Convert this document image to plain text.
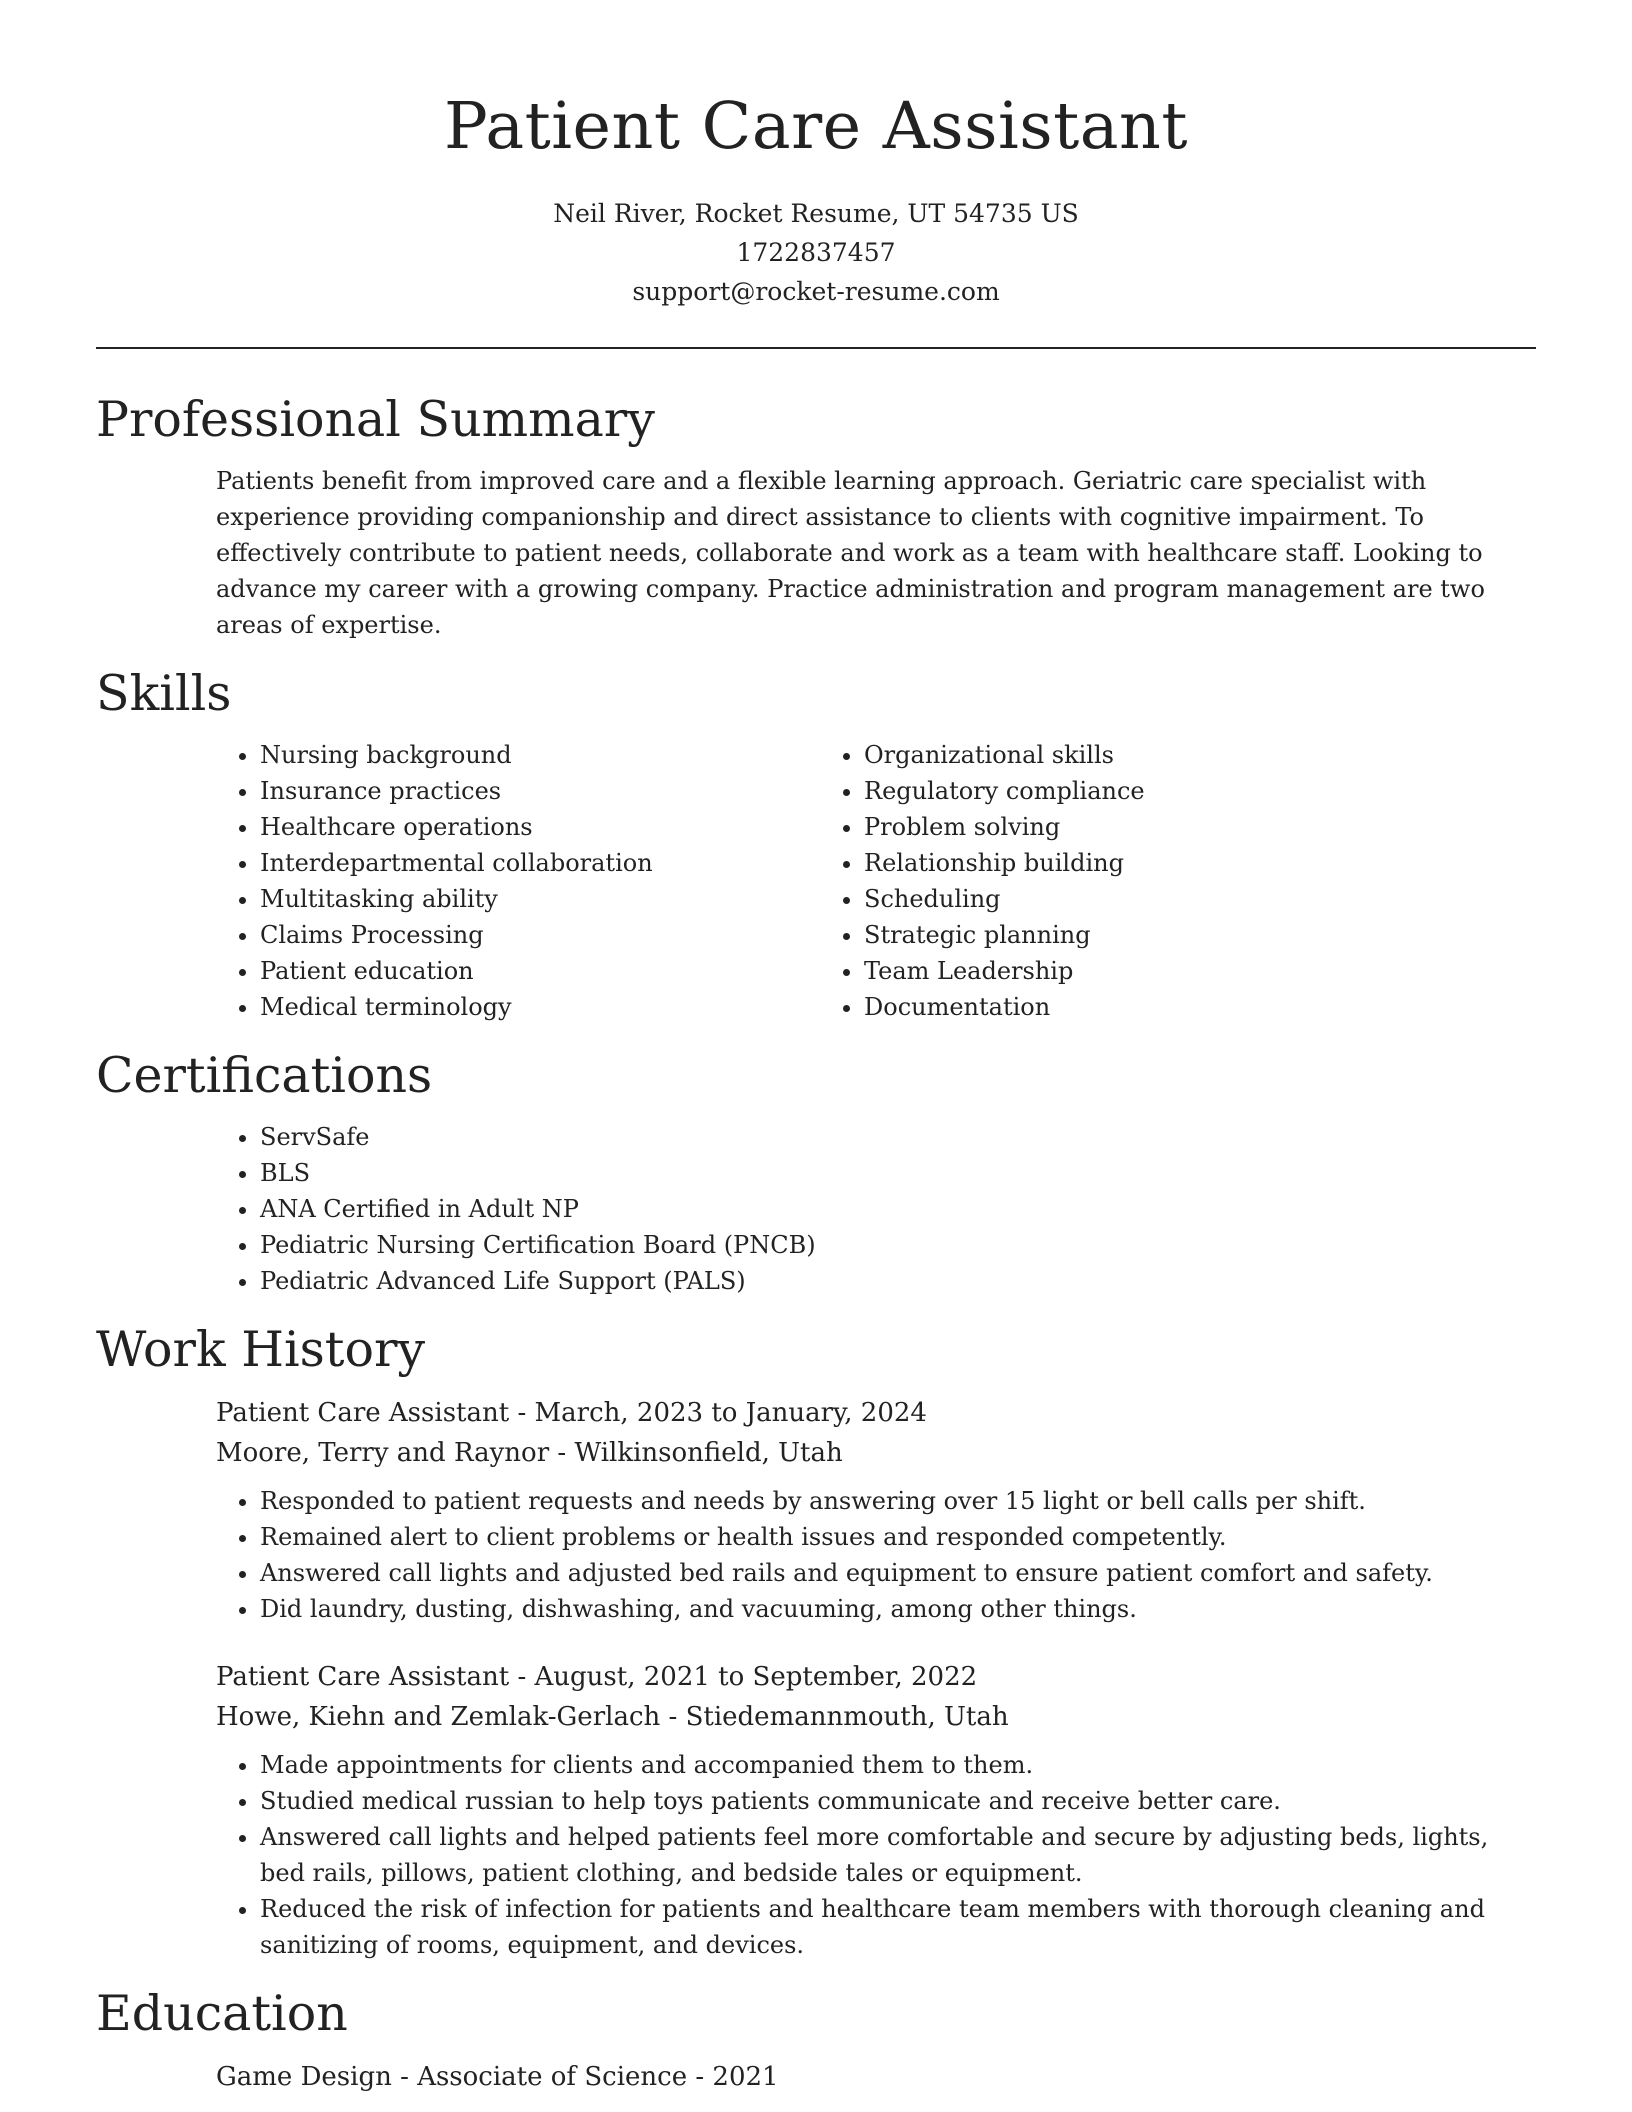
Patient Care Assistant
Neil River, Rocket Resume, UT 54735 US
1722837457
support@rocket-resume.com
Professional Summary
Patients benefit from improved care and a flexible learning approach. Geriatric care specialist with experience providing companionship and direct assistance to clients with cognitive impairment. To effectively contribute to patient needs, collaborate and work as a team with healthcare staff. Looking to advance my career with a growing company. Practice administration and program management are two areas of expertise.
Skills
• Nursing background
• Insurance practices
• Healthcare operations
• Interdepartmental collaboration
• Multitasking ability
• Claims Processing
• Patient education
• Medical terminology
• Organizational skills
• Regulatory compliance
• Problem solving
• Relationship building
• Scheduling
• Strategic planning
• Team Leadership
• Documentation
Certifications
• ServSafe
• BLS
• ANA Certified in Adult NP
• Pediatric Nursing Certification Board (PNCB)
• Pediatric Advanced Life Support (PALS)
Work History
Patient Care Assistant - March, 2023 to January, 2024
Moore, Terry and Raynor - Wilkinsonfield, Utah
• Responded to patient requests and needs by answering over 15 light or bell calls per shift.
• Remained alert to client problems or health issues and responded competently.
• Answered call lights and adjusted bed rails and equipment to ensure patient comfort and safety.
• Did laundry, dusting, dishwashing, and vacuuming, among other things.
Patient Care Assistant - August, 2021 to September, 2022
Howe, Kiehn and Zemlak-Gerlach - Stiedemannmouth, Utah
• Made appointments for clients and accompanied them to them.
• Studied medical russian to help toys patients communicate and receive better care.
• Answered call lights and helped patients feel more comfortable and secure by adjusting beds, lights, bed rails, pillows, patient clothing, and bedside tales or equipment.
• Reduced the risk of infection for patients and healthcare team members with thorough cleaning and sanitizing of rooms, equipment, and devices.
Education
Game Design - Associate of Science - 2021
